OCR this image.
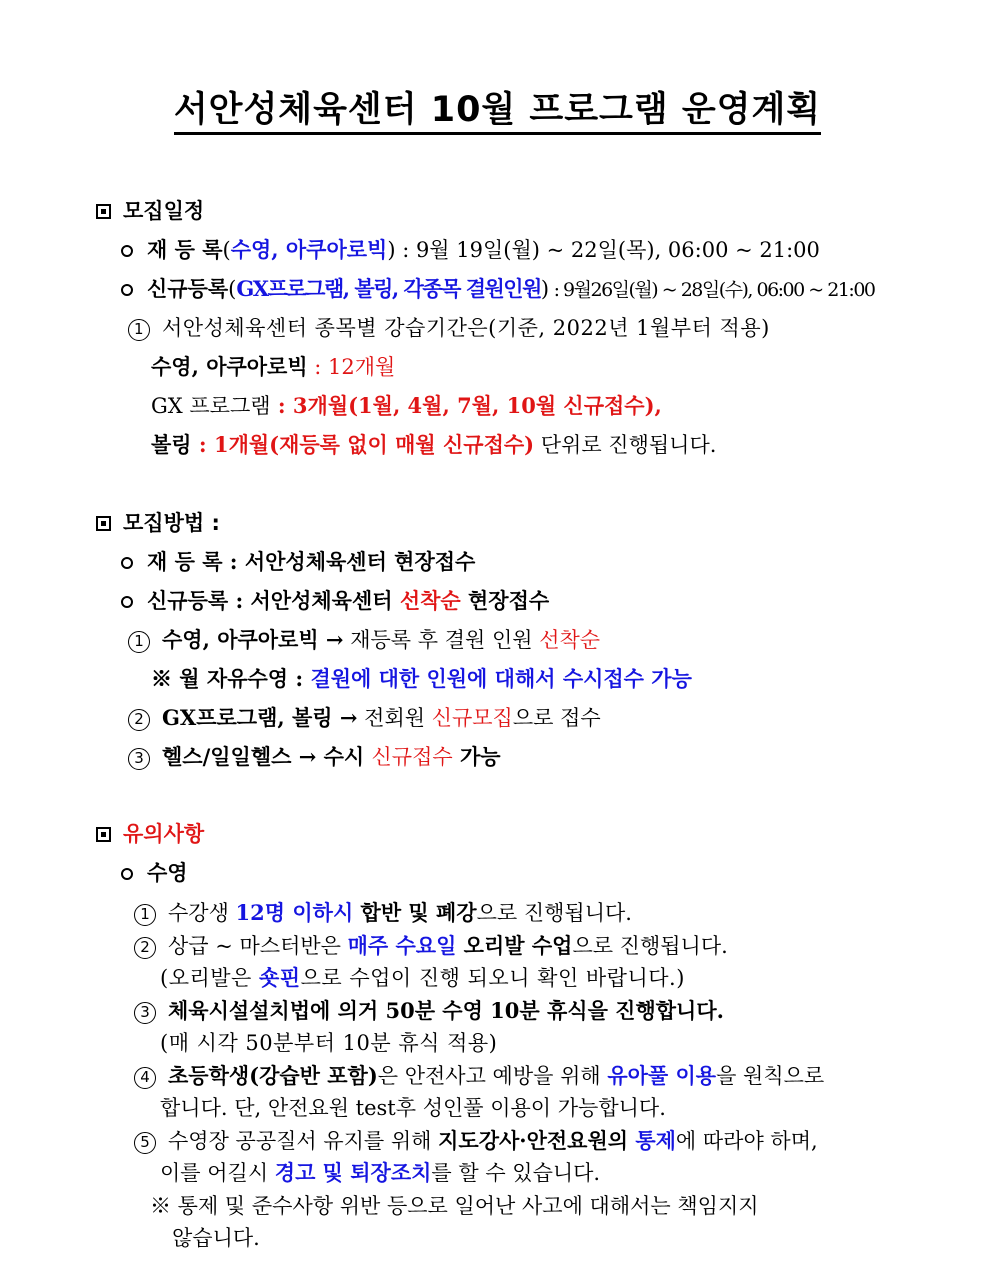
서안성체육센터 10월 프로그램 운영계획
모집일정
재 등 록(수영, 아쿠아로빅) : 9월 19일(월) ~ 22일(목), 06:00 ~ 21:00
신규등록(GX프로그램, 볼링, 각종목 결원인원) : 9월26일(월) ~ 28일(수), 06:00 ~ 21:00
1 서안성체육센터 종목별 강습기간은(기준, 2022년 1월부터 적용)
수영, 아쿠아로빅 : 12개월
GX 프로그램 : 3개월(1월, 4월, 7월, 10월 신규접수),
볼링 : 1개월(재등록 없이 매월 신규접수) 단위로 진행됩니다.
모집방법 :
재 등 록 : 서안성체육센터 현장접수
신규등록 : 서안성체육센터 선착순 현장접수
1 수영, 아쿠아로빅 → 재등록 후 결원 인원 선착순
※ 월 자유수영 : 결원에 대한 인원에 대해서 수시접수 가능
2 GX프로그램, 볼링 → 전회원 신규모집으로 접수
3 헬스/일일헬스 → 수시 신규접수 가능
유의사항
수영
1 수강생 12명 이하시 합반 및 폐강으로 진행됩니다.
2 상급 ~ 마스터반은 매주 수요일 오리발 수업으로 진행됩니다.
(오리발은 숏핀으로 수업이 진행 되오니 확인 바랍니다.)
3 체육시설설치법에 의거 50분 수영 10분 휴식을 진행합니다.
(매 시각 50분부터 10분 휴식 적용)
4 초등학생(강습반 포함)은 안전사고 예방을 위해 유아풀 이용을 원칙으로
합니다. 단, 안전요원 test후 성인풀 이용이 가능합니다.
5 수영장 공공질서 유지를 위해 지도강사·안전요원의 통제에 따라야 하며,
이를 어길시 경고 및 퇴장조치를 할 수 있습니다.
※ 통제 및 준수사항 위반 등으로 일어난 사고에 대해서는 책임지지
않습니다.
